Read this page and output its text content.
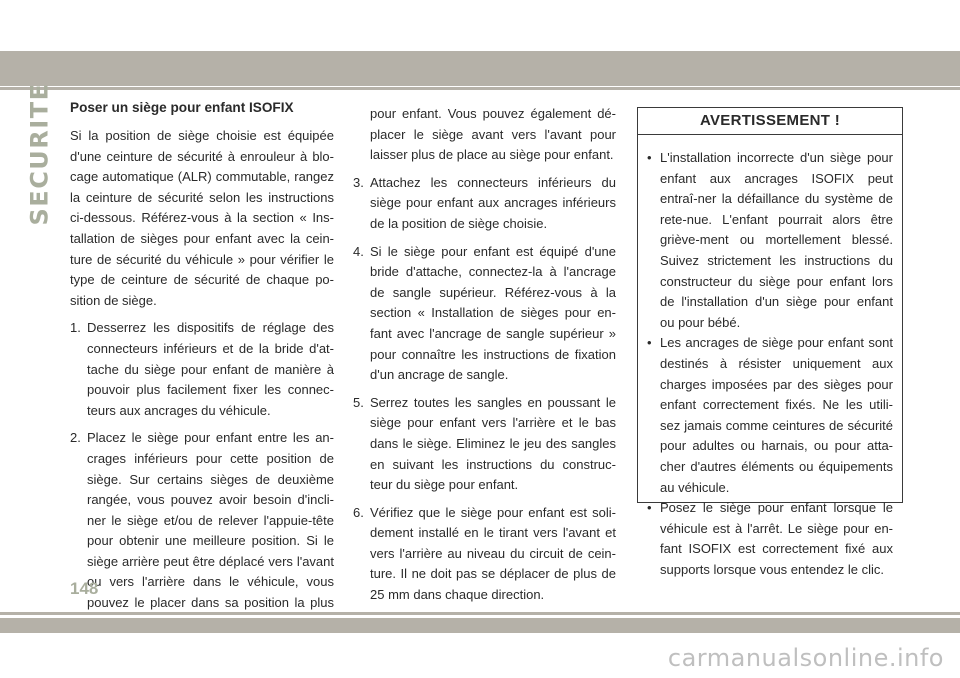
SECURITE Poser un siège pour enfant ISOFIX

Si la position de siège choisie est équipée d'une ceinture de sécurité à enrouleur à blo-cage automatique (ALR) commutable, rangez la ceinture de sécurité selon les instructions ci-dessous. Référez-vous à la section « Ins-tallation de sièges pour enfant avec la cein-ture de sécurité du véhicule » pour vérifier le type de ceinture de sécurité de chaque po-sition de siège.

1. Desserrez les dispositifs de réglage des connecteurs inférieurs et de la bride d'at-tache du siège pour enfant de manière à pouvoir plus facilement fixer les connec-teurs aux ancrages du véhicule.
2. Placez le siège pour enfant entre les an-crages inférieurs pour cette position de siège. Sur certains sièges de deuxième rangée, vous pouvez avoir besoin d'incli-ner le siège et/ou de relever l'appuie-tête pour obtenir une meilleure position. Si le siège arrière peut être déplacé vers l'avant ou vers l'arrière dans le véhicule, vous pouvez le placer dans sa position la plus

pour enfant. Vous pouvez également dé-placer le siège avant vers l'avant pour laisser plus de place au siège pour enfant.

3. Attachez les connecteurs inférieurs du siège pour enfant aux ancrages inférieurs de la position de siège choisie.
4. Si le siège pour enfant est équipé d'une bride d'attache, connectez-la à l'ancrage de sangle supérieur. Référez-vous à la section « Installation de sièges pour en-fant avec l'ancrage de sangle supérieur » pour connaître les instructions de fixation d'un ancrage de sangle.
5. Serrez toutes les sangles en poussant le siège pour enfant vers l'arrière et le bas dans le siège. Eliminez le jeu des sangles en suivant les instructions du construc-teur du siège pour enfant.
6. Vérifiez que le siège pour enfant est soli-dement installé en le tirant vers l'avant et vers l'arrière au niveau du circuit de cein-ture. Il ne doit pas se déplacer de plus de 25 mm dans chaque direction.
AVERTISSEMENT !
• L'installation incorrecte d'un siège pour enfant aux ancrages ISOFIX peut entraî-ner la défaillance du système de rete-nue. L'enfant pourrait alors être griève-ment ou mortellement blessé. Suivez strictement les instructions du constructeur du siège pour enfant lors de l'installation d'un siège pour enfant ou pour bébé.
• Les ancrages de siège pour enfant sont destinés à résister uniquement aux charges imposées par des sièges pour enfant correctement fixés. Ne les utili-sez jamais comme ceintures de sécurité pour adultes ou harnais, ou pour atta-cher d'autres éléments ou équipements au véhicule.
• Posez le siège pour enfant lorsque le véhicule est à l'arrêt. Le siège pour en-fant ISOFIX est correctement fixé aux supports lorsque vous entendez le clic.
148
carmanualsonline.info
